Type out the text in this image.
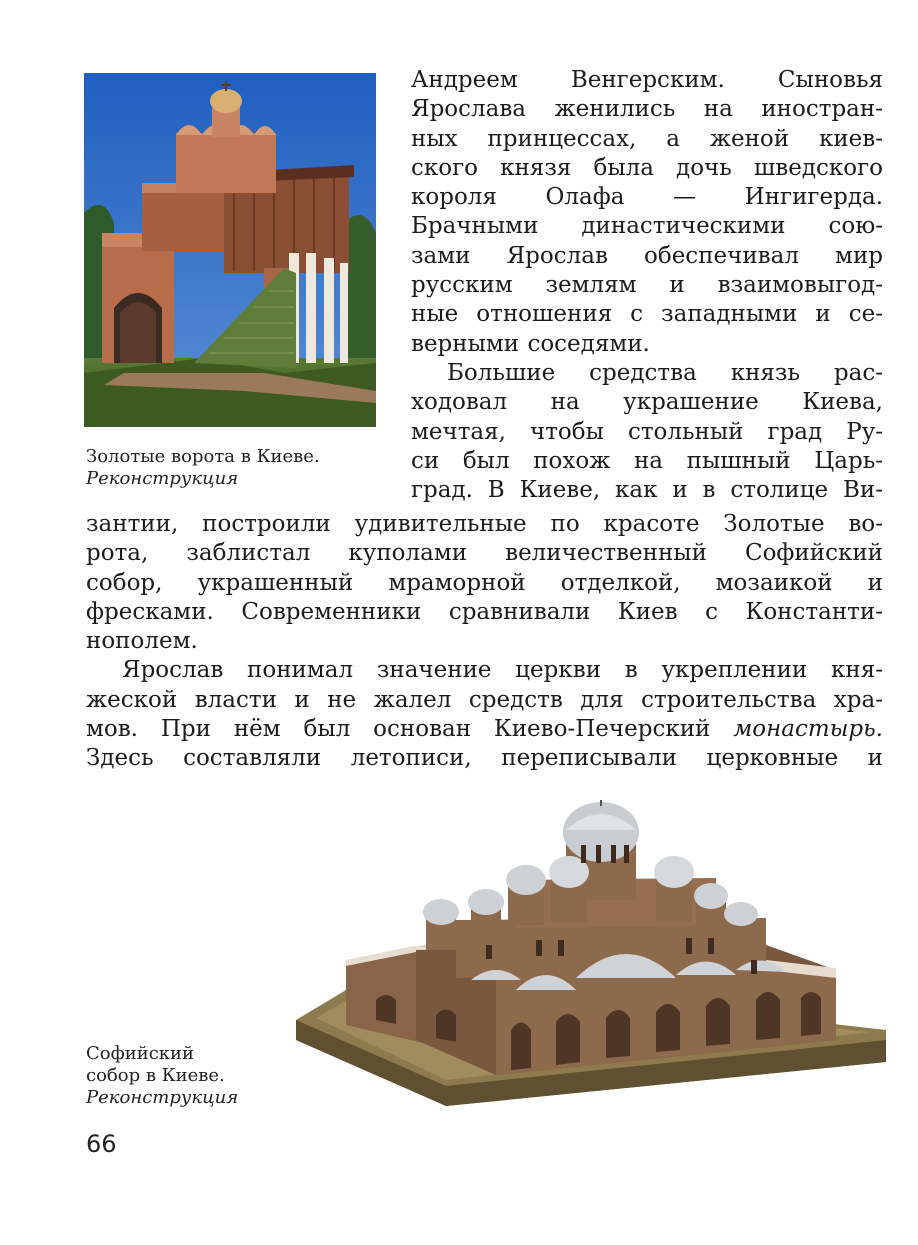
Золотые ворота в Киеве.
Реконструкция
Андреем Венгерским. Сыновья
Ярослава женились на иностран-
ных принцессах, а женой киев-
ского князя была дочь шведского
короля Олафа — Ингигерда.
Брачными династическими сою-
зами Ярослав обеспечивал мир
русским землям и взаимовыгод-
ные отношения с западными и се-
верными соседями.
Большие средства князь рас-
ходовал на украшение Киева,
мечтая, чтобы стольный град Ру-
си был похож на пышный Царь-
град. В Киеве, как и в столице Ви-
зантии, построили удивительные по красоте Золотые во-
рота, заблистал куполами величественный Софийский
собор, украшенный мраморной отделкой, мозаикой и
фресками. Современники сравнивали Киев с Константи-
нополем.
Ярослав понимал значение церкви в укреплении кня-
жеской власти и не жалел средств для строительства хра-
мов. При нём был основан Киево-Печерский монастырь.
Здесь составляли летописи, переписывали церковные и
Софийский
собор в Киеве.
Реконструкция
66
